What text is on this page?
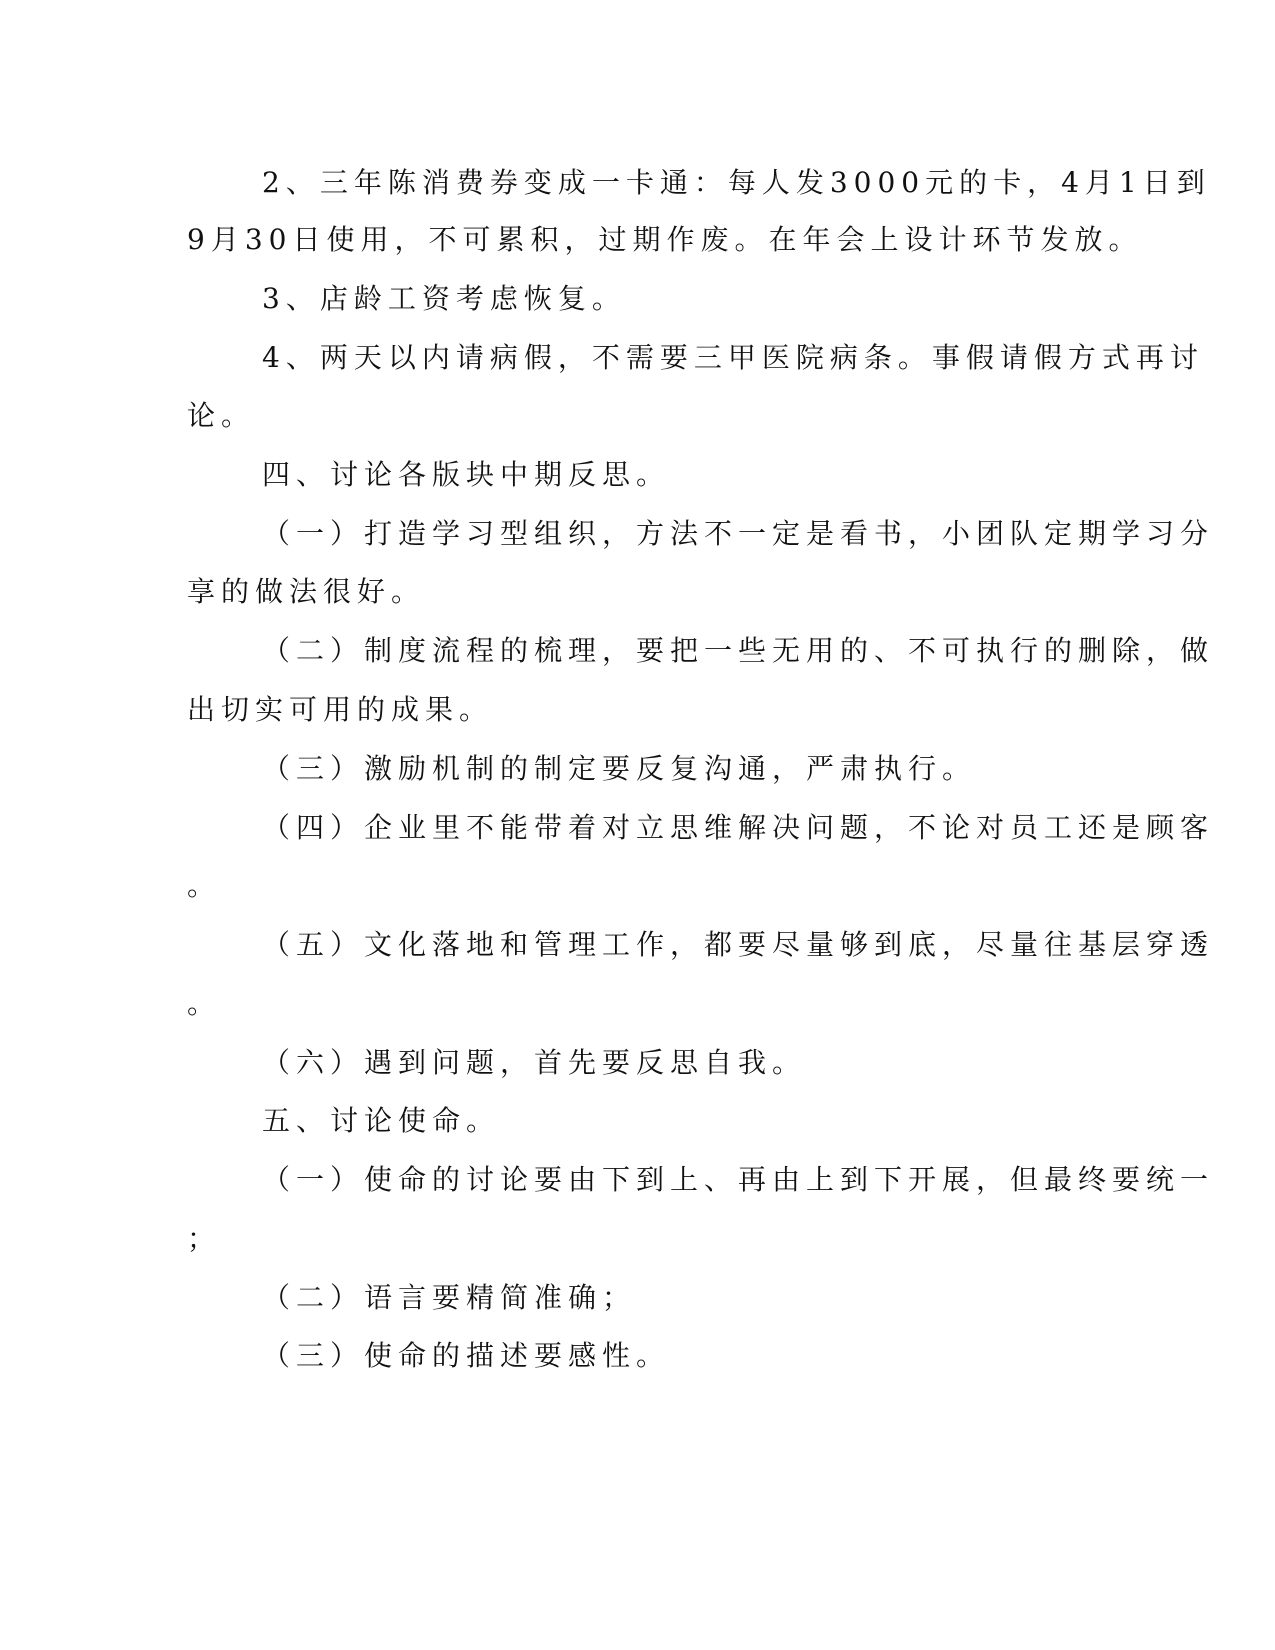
2、三年陈消费券变成一卡通：每人发3000元的卡，4月1日到
9月30日使用，不可累积，过期作废。在年会上设计环节发放。
3、店龄工资考虑恢复。
4、两天以内请病假，不需要三甲医院病条。事假请假方式再讨
论。
四、讨论各版块中期反思。
（一）打造学习型组织，方法不一定是看书，小团队定期学习分
享的做法很好。
（二）制度流程的梳理，要把一些无用的、不可执行的删除，做
出切实可用的成果。
（三）激励机制的制定要反复沟通，严肃执行。
（四）企业里不能带着对立思维解决问题，不论对员工还是顾客
。
（五）文化落地和管理工作，都要尽量够到底，尽量往基层穿透
。
（六）遇到问题，首先要反思自我。
五、讨论使命。
（一）使命的讨论要由下到上、再由上到下开展，但最终要统一
；
（二）语言要精简准确；
（三）使命的描述要感性。
